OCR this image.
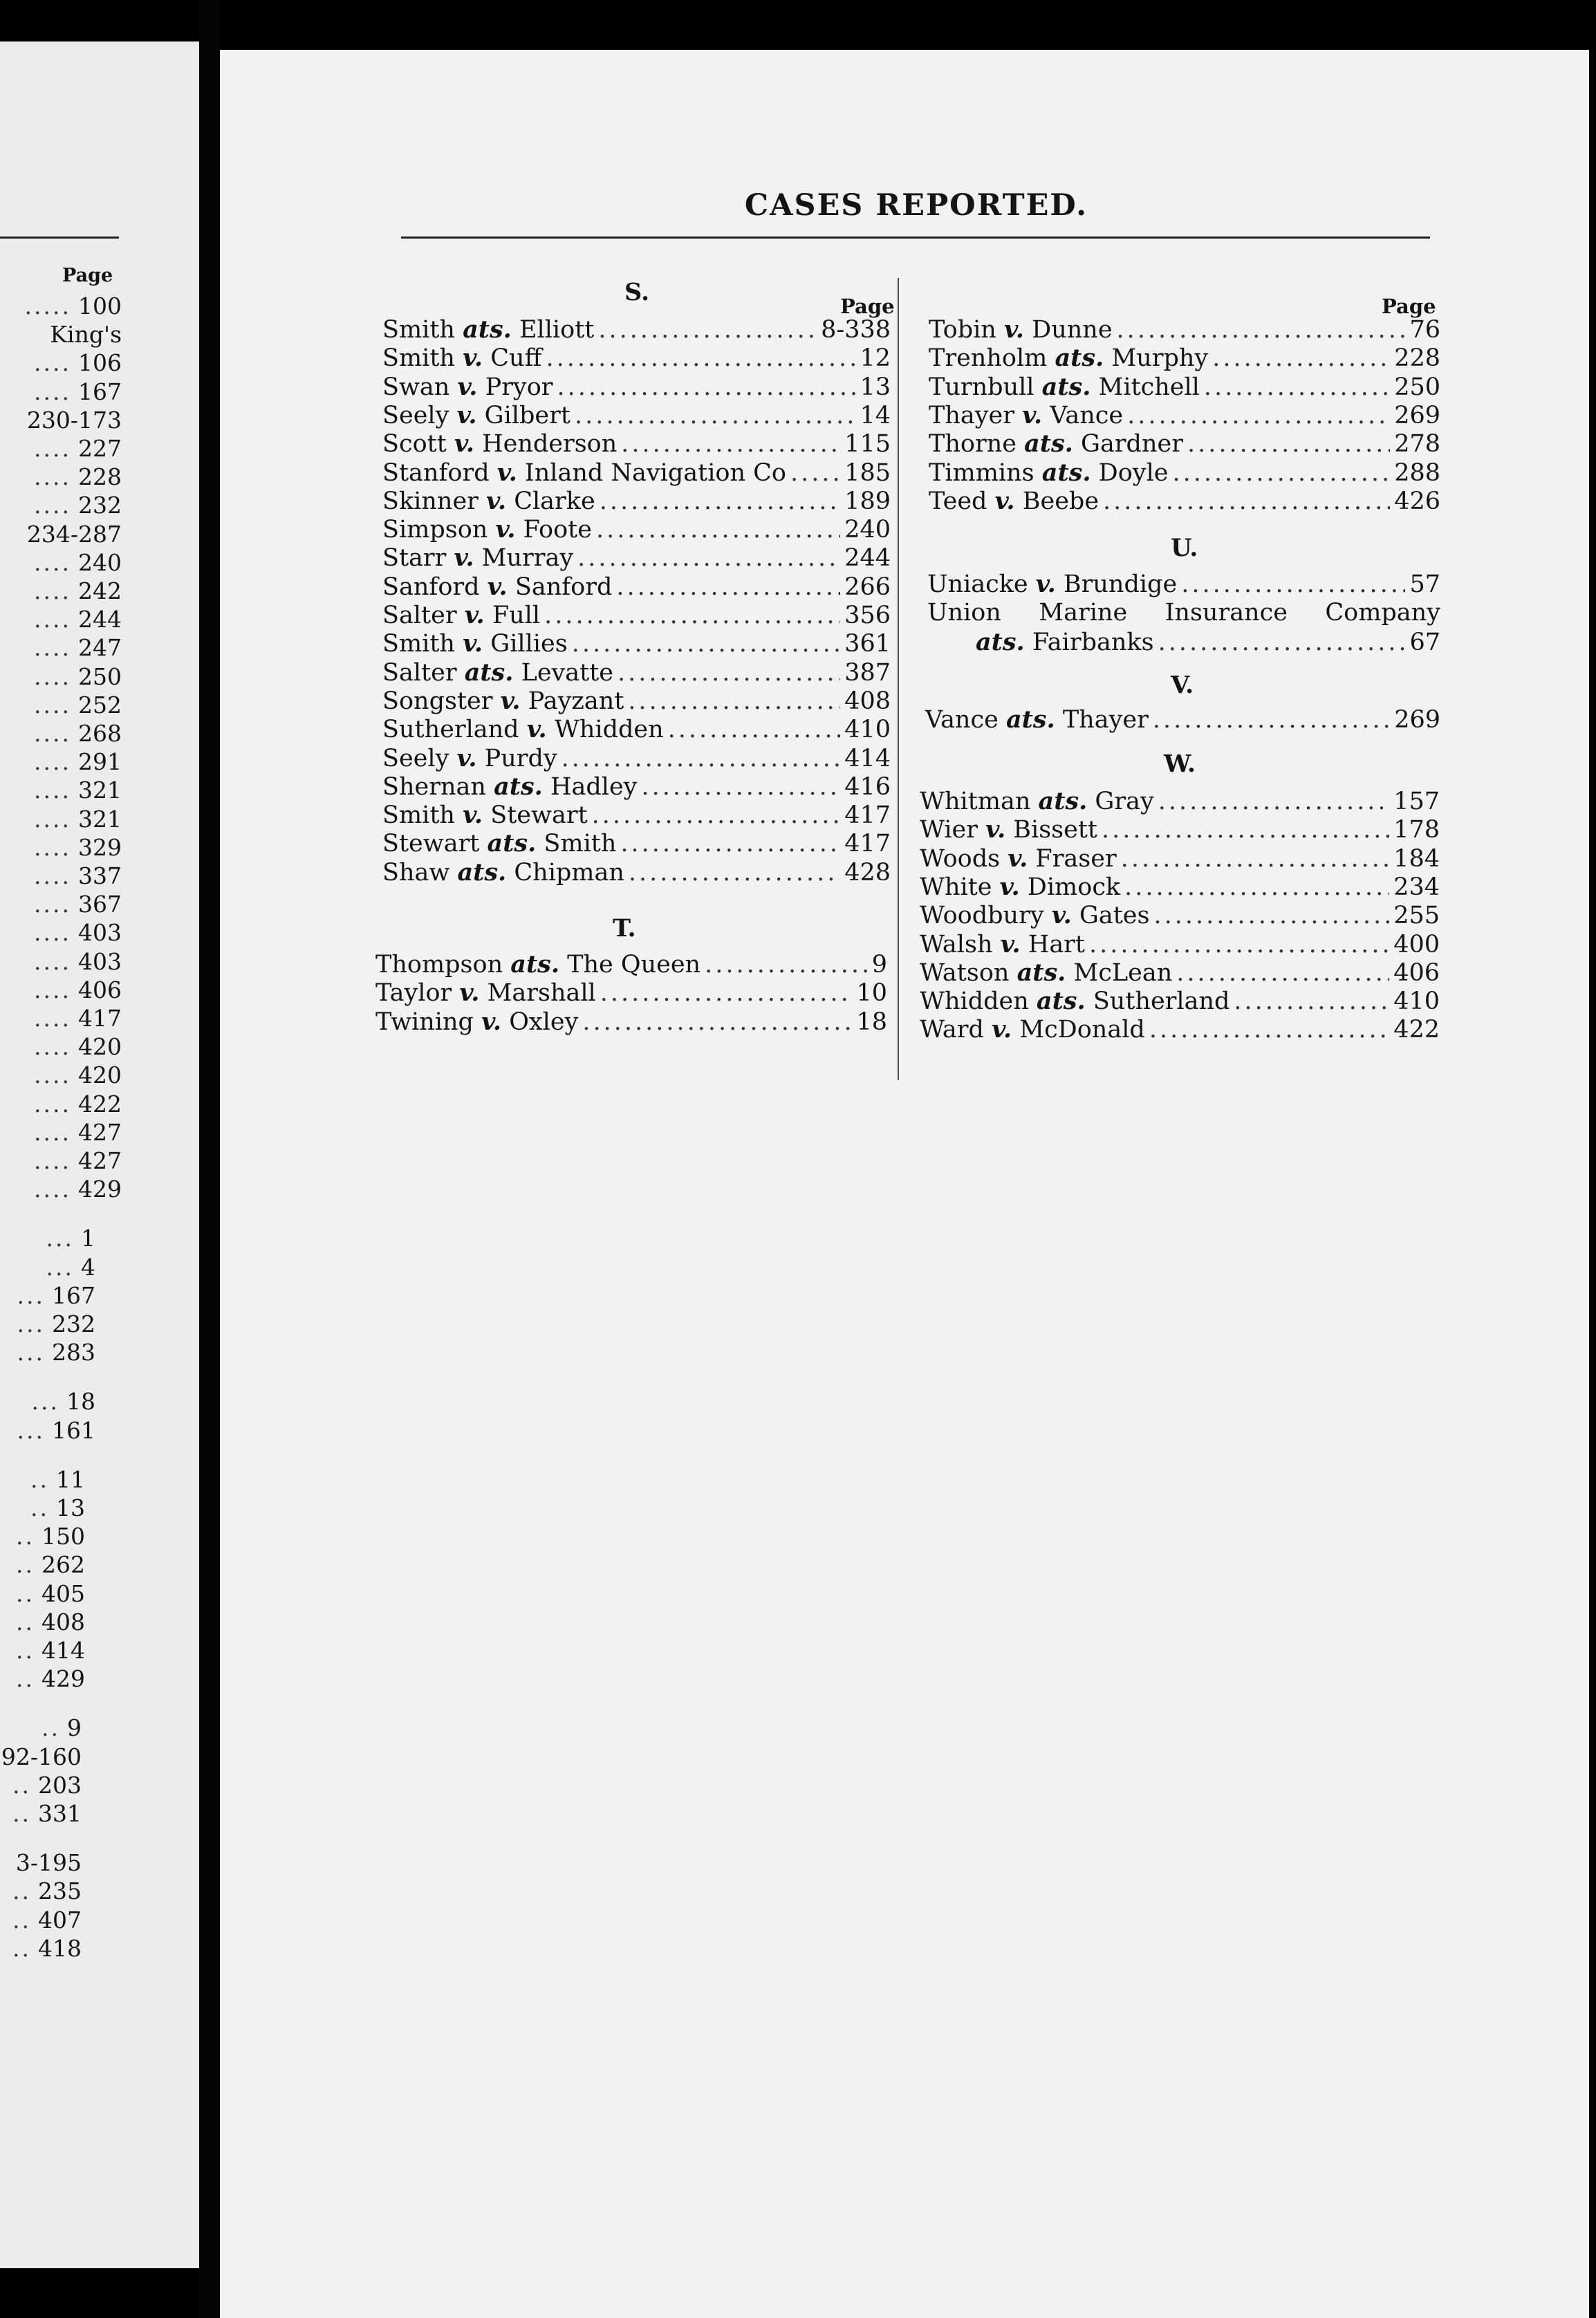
Page
..... 100
King's
.... 106
.... 167
230-173
.... 227
.... 228
.... 232
234-287
.... 240
.... 242
.... 244
.... 247
.... 250
.... 252
.... 268
.... 291
.... 321
.... 321
.... 329
.... 337
.... 367
.... 403
.... 403
.... 406
.... 417
.... 420
.... 420
.... 422
.... 427
.... 427
.... 429
... 1
... 4
... 167
... 232
... 283
... 18
... 161
.. 11
.. 13
.. 150
.. 262
.. 405
.. 408
.. 414
.. 429
.. 9
92-160
.. 203
.. 331
3-195
.. 235
.. 407
.. 418
CASES REPORTED.
S.	Page
Smith ats. Elliott .....	8-338
Smith v. Cuff .....	12
Swan v. Pryor .....	13
Seely v. Gilbert .....	14
Scott v. Henderson .....	115
Stanford v. Inland Navigation Co ..... 185
Skinner v. Clarke .....	189
Simpson v. Foote .....	240
Starr v. Murray .....	244
Sanford v. Sanford .....	266
Salter v. Full .....	356
Smith v. Gillies .....	361
Salter ats. Levatte .....	387
Songster v. Payzant .....	408
Sutherland v. Whidden .....	410
Seely v. Purdy .....	414
Shernan ats. Hadley .....	416
Smith v. Stewart .....	417
Stewart ats. Smith .....	417
Shaw ats. Chipman .....	428
T.
Thompson ats. The Queen .....	9
Taylor v. Marshall .....	10
Twining v. Oxley .....	18
Page
Tobin v. Dunne .....	76
Trenholm ats. Murphy .....	228
Turnbull ats. Mitchell .....	250
Thayer v. Vance .....	269
Thorne ats. Gardner .....	278
Timmins ats. Doyle .....	288
Teed v. Beebe .....	426
U.
Uniacke v. Brundige .....	57
Union Marine Insurance Company
ats. Fairbanks .....	67
V.
Vance ats. Thayer .....	269
W.
Whitman ats. Gray .....	157
Wier v. Bissett .....	178
Woods v. Fraser .....	184
White v. Dimock .....	234
Woodbury v. Gates .....	255
Walsh v. Hart .....	400
Watson ats. McLean .....	406
Whidden ats. Sutherland .....	410
Ward v. McDonald .....	422
